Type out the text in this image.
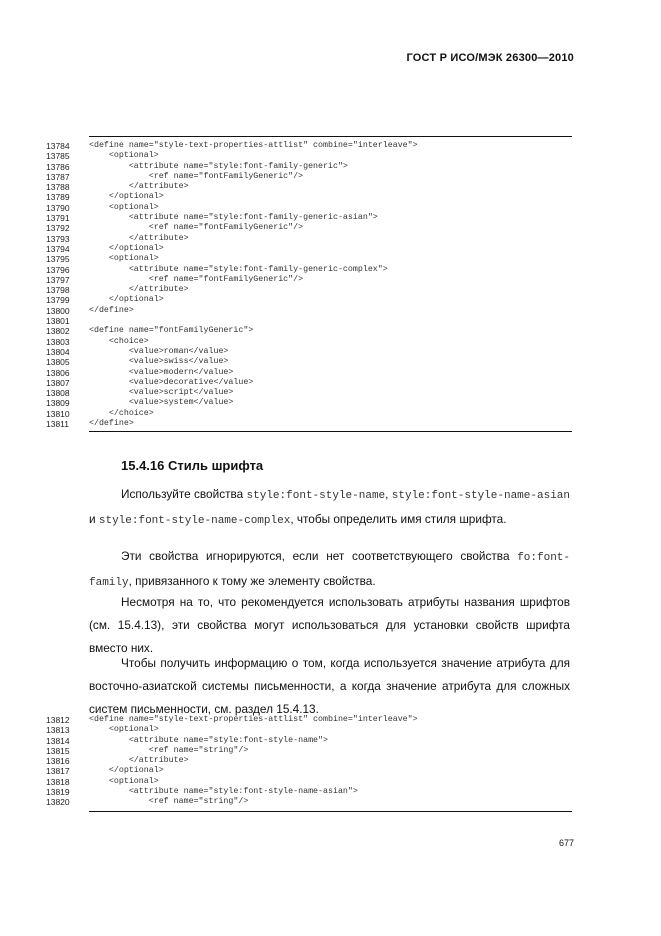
ГОСТ Р ИСО/МЭК 26300—2010
13784	<define name="style-text-properties-attlist" combine="interleave">
13785	<optional>
13786	<attribute name="style:font-family-generic">
13787	<ref name="fontFamilyGeneric"/>
13788	</attribute>
13789	</optional>
13790	<optional>
13791	<attribute name="style:font-family-generic-asian">
13792	<ref name="fontFamilyGeneric"/>
13793	</attribute>
13794	</optional>
13795	<optional>
13796	<attribute name="style:font-family-generic-complex">
13797	<ref name="fontFamilyGeneric"/>
13798	</attribute>
13799	</optional>
13800	</define>
13801
13802	<define name="fontFamilyGeneric">
13803	<choice>
13804	<value>roman</value>
13805	<value>swiss</value>
13806	<value>modern</value>
13807	<value>decorative</value>
13808	<value>script</value>
13809	<value>system</value>
13810	</choice>
13811	</define>
15.4.16 Стиль шрифта
Используйте свойства style:font-style-name, style:font-style-name-asian и style:font-style-name-complex, чтобы определить имя стиля шрифта.
Эти свойства игнорируются, если нет соответствующего свойства fo:font-family, привязанного к тому же элементу свойства.
Несмотря на то, что рекомендуется использовать атрибуты названия шрифтов (см. 15.4.13), эти свойства могут использоваться для установки свойств шрифта вместо них.
Чтобы получить информацию о том, когда используется значение атрибута для восточно-азиатской системы письменности, а когда значение атрибута для сложных систем письменности, см. раздел 15.4.13.
13812	<define name="style-text-properties-attlist" combine="interleave">
13813	<optional>
13814	<attribute name="style:font-style-name">
13815	<ref name="string"/>
13816	</attribute>
13817	</optional>
13818	<optional>
13819	<attribute name="style:font-style-name-asian">
13820	<ref name="string"/>
677
